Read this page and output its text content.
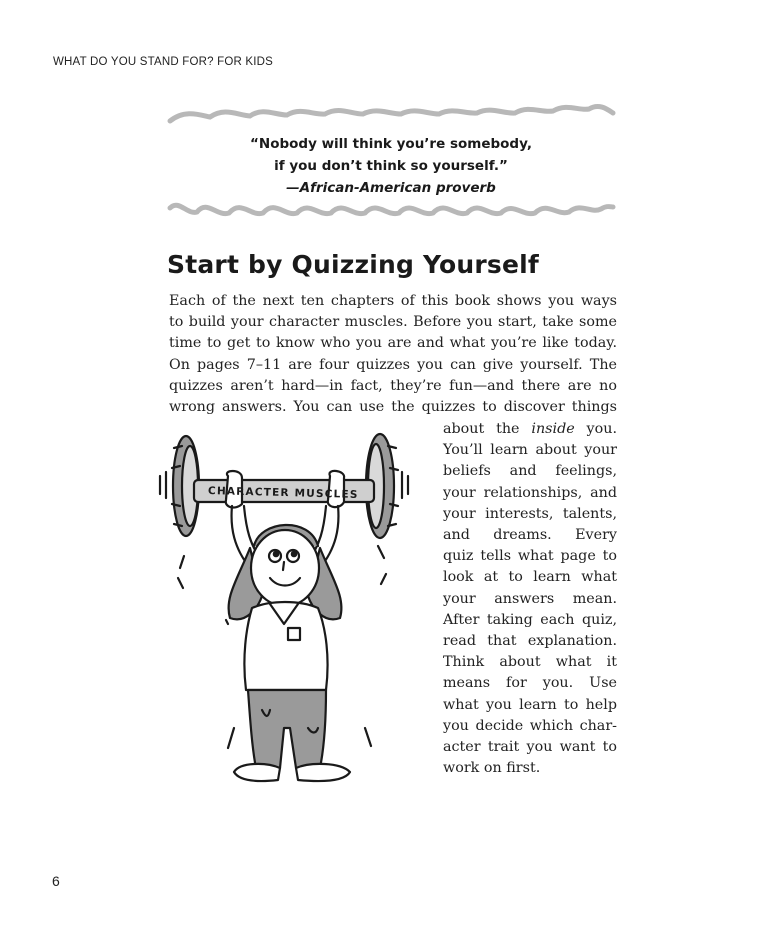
WHAT DO YOU STAND FOR? FOR KIDS
“Nobody will think you’re somebody,
if you don’t think so yourself.”
—African-American proverb
Start by Quizzing Yourself
Each of the next ten chapters of this book shows you ways
to build your character muscles. Before you start, take some
time to get to know who you are and what you’re like today.
On pages 7–11 are four quizzes you can give yourself. The
quizzes aren’t hard—in fact, they’re fun—and there are no
wrong answers. You can use the quizzes to discover things
about the inside you.
You’ll learn about your
beliefs and feelings,
your relationships, and
your interests, talents,
and dreams. Every
quiz tells what page to
look at to learn what
your answers mean.
After taking each quiz,
read that explanation.
Think about what it
means for you. Use
what you learn to help
you decide which char-
acter trait you want to
work on first.
CHARACTER MUSCLES
6
